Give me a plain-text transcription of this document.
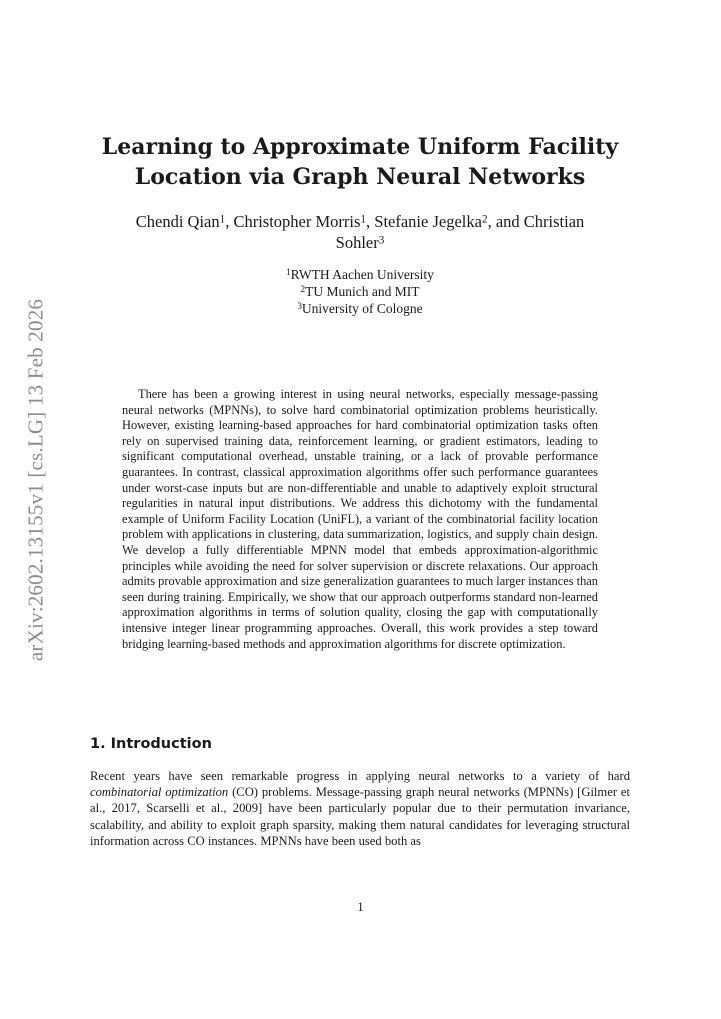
arXiv:2602.13155v1 [cs.LG] 13 Feb 2026
Learning to Approximate Uniform Facility
Location via Graph Neural Networks
Chendi Qian$^1$, Christopher Morris$^1$, Stefanie Jegelka$^2$, and Christian
Sohler$^3$
$^1$RWTH Aachen University
$^2$TU Munich and MIT
$^3$University of Cologne

There has been a growing interest in using neural networks, especially message-passing neural networks (MPNNs), to solve hard combinatorial optimization problems heuristically. However, existing learning-based approaches for hard combinatorial optimization tasks often rely on supervised training data, reinforcement learning, or gradient estimators, leading to significant computational overhead, unstable training, or a lack of provable performance guarantees. In contrast, classical approximation algorithms offer such performance guarantees under worst-case inputs but are non-differentiable and unable to adaptively exploit structural regularities in natural input distributions. We address this dichotomy with the fundamental example of Uniform Facility Location (UniFL), a variant of the combinatorial facility location problem with applications in clustering, data summarization, logistics, and supply chain design. We develop a fully differentiable MPNN model that embeds approximation-algorithmic principles while avoiding the need for solver supervision or discrete relaxations. Our approach admits provable approximation and size generalization guarantees to much larger instances than seen during training. Empirically, we show that our approach outperforms standard non-learned approximation algorithms in terms of solution quality, closing the gap with computationally intensive integer linear programming approaches. Overall, this work provides a step toward bridging learning-based methods and approximation algorithms for discrete optimization.

1. Introduction

Recent years have seen remarkable progress in applying neural networks to a variety of hard combinatorial optimization (CO) problems. Message-passing graph neural networks (MPNNs) [Gilmer et al., 2017, Scarselli et al., 2009] have been particularly popular due to their permutation invariance, scalability, and ability to exploit graph sparsity, making them natural candidates for leveraging structural information across CO instances. MPNNs have been used both as

1
